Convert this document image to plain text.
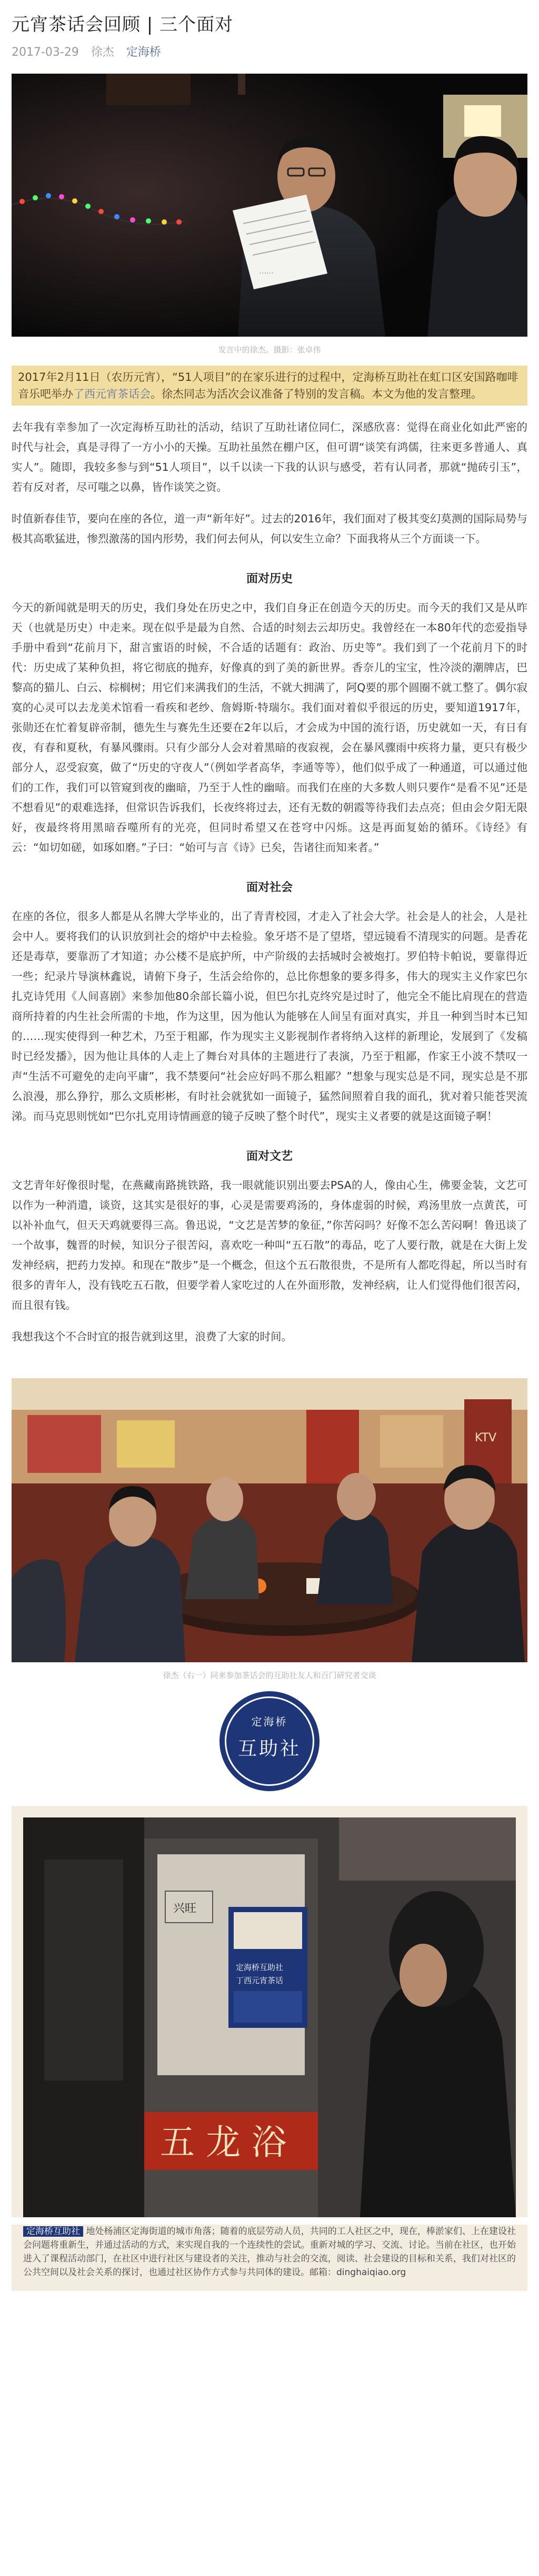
元宵茶话会回顾 | 三个面对
2017-03-29 徐杰 定海桥
……
发言中的徐杰。摄影：张卓伟
2017年2月11日（农历元宵），“51人项目”的在家乐进行的过程中，定海桥互助社在虹口区安国路咖啡音乐吧举办了西元宵茶话会。徐杰同志为活次会议准备了特别的发言稿。本文为他的发言整理。

去年我有幸参加了一次定海桥互助社的活动，结识了互助社诸位同仁，深感欣喜：觉得在商业化如此严密的时代与社会，真是寻得了一方小小的天操。互助社虽然在棚户区，但可谓“谈笑有鸿儒，往来更多普通人、真实人”。随即，我较多参与到“51人项目”，以千以读一下我的认识与感受，若有认同者，那就“抛砖引玉”，若有反对者，尽可嗤之以鼻，皆作谈笑之资。

时值新春佳节，要向在座的各位，道一声“新年好”。过去的2016年，我们面对了极其变幻莫测的国际局势与极其高歌猛进，惨烈激荡的国内形势，我们何去何从，何以安生立命？下面我将从三个方面谈一下。

面对历史

今天的新闻就是明天的历史，我们身处在历史之中，我们自身正在创造今天的历史。而今天的我们又是从昨天（也就是历史）中走来。现在似乎是最为自然、合适的时刻去云却历史。我曾经在一本80年代的恋爱指导手册中看到“花前月下，甜言蜜语的时候，不合适的话题有：政治、历史等”。我们到了一个花前月下的时代：历史成了某种负担，将它彻底的抛弃，好像真的到了美的新世界。香奈儿的宝宝，性冷淡的潮牌店，巴黎高的猫儿、白云、棕榈树；用它们来满我们的生活，不就大拥满了，阿Q要的那个圆圈不就工整了。偶尔寂寞的心灵可以去龙美术馆看一看疾和老纱、詹姆斯·特瑞尔。我们面对着似乎很远的历史，要知道1917年，张勋还在忙着复辟帝制，德先生与赛先生还要在2年以后，才会成为中国的流行语，历史就如一天，有日有夜，有春和夏秋，有暴风骤雨。只有少部分人会对着黑暗的夜寂视，会在暴风骤雨中疾将力量，更只有极少部分人，忍受寂寞，做了“历史的守夜人”（例如学者高华，李通等等），他们似乎成了一种通道，可以通过他们的工作，我们可以管窥到夜的幽暗，乃至于人性的幽暗。而我们在座的大多数人则只要作“是看不见”还是不想看见”的艰难选择，但常识告诉我们，长夜终将过去，还有无数的朝霞等待我们去点亮；但由会夕阳无限好，夜最终将用黑暗吞噬所有的光亮，但同时希望又在苍穹中闪烁。这是再面复始的循环。《诗经》有云：“如切如磋，如琢如磨。”子曰：“始可与言《诗》已矣，告诸往而知来者。”

面对社会

在座的各位，很多人都是从名牌大学毕业的，出了青青校园，才走入了社会大学。社会是人的社会，人是社会中人。要将我们的认识放到社会的熔炉中去检验。象牙塔不是了望塔，望远镜看不清现实的问题。是香花还是毒草，要靠沥了才知道；办公楼不是底护所，中产阶级的去括城时会被炮打。罗伯特卡帕说，要靠得近一些；纪录片导演林鑫说，请俯下身子，生活会给你的，总比你想象的要多得多，伟大的现实主义作家巴尔扎克诗凭用《人间喜剧》来参加他80余部长篇小说，但巴尔扎克终究是过时了，他完全不能比肩现在的营造商所持着的内生社会所需的卡地，作为这里，因为他认为能够在人间呈有面对真实，并且一种到当时本已知的……现实使得到一种艺术，乃至于粗鄙，作为现实主义影视制作者将纳入这样的新理论，发展到了《发稿时已经发播》，因为他让具体的人走上了舞台对具体的主题进行了表演，乃至于粗鄙，作家王小波不禁叹一声“生活不可避免的走向平庸”，我不禁要问“社会应好吗不那么粗鄙？”想象与现实总是不同，现实总是不那么浪漫，那么狰狞，那么文质彬彬，有时社会就犹如一面镜子，猛然间照着自我的面孔，犹对着只能苍哭流涕。而马克思则恍如“巴尔扎克用诗情画意的镜子反映了整个时代”，现实主义者要的就是这面镜子啊！

面对文艺

文艺青年好像很时髦，在燕藏南路挑铁路，我一眼就能识别出要去PSA的人，像由心生，佛要金装，文艺可以作为一种消遣，谈资，这其实是很好的事，心灵是需要鸡汤的，身体虚弱的时候，鸡汤里放一点黄芪，可以补补血气，但天天鸡就要得三高。鲁迅说，“文艺是苦梦的象征，”你苦闷吗？好像不怎么苦闷啊！鲁迅谈了一个故事，魏晋的时候，知识分子很苦闷，喜欢吃一种叫“五石散”的毒品，吃了人要行散，就是在大街上发发神经病，把药力发掉。和现在“散步”是一个概念，但这个五石散很贵，不是所有人都吃得起，所以当时有很多的青年人，没有钱吃五石散，但要学着人家吃过的人在外面形散，发神经病，让人们觉得他们很苦闷，而且很有钱。

我想我这个不合时宜的报告就到这里，浪费了大家的时间。

KTV
徐杰（右一）同来参加茶话会的互助社友人和百门研究者交谈
定海桥
互助社
兴旺
定海桥互助社
丁西元宵茶话
五 龙 浴
定海桥互助社 地处杨浦区定海街道的城市角落；随着的底层劳动人员，共同的工人社区之中，现在，棒淤家们、上在建设社会问题将重新生，并通过活动的方式，来实现自我的一个连续性的尝试。重新对城的学习、交流、讨论。当前在社区，也开始进入了课程活动部门，在社区中进行社区与建设者的关注，推动与社会的交流，阅读、社会建设的目标和关系，我们对社区的公共空间以及社会关系的探讨，也通过社区协作方式参与共同体的建设。邮箱：dinghaiqiao.org
